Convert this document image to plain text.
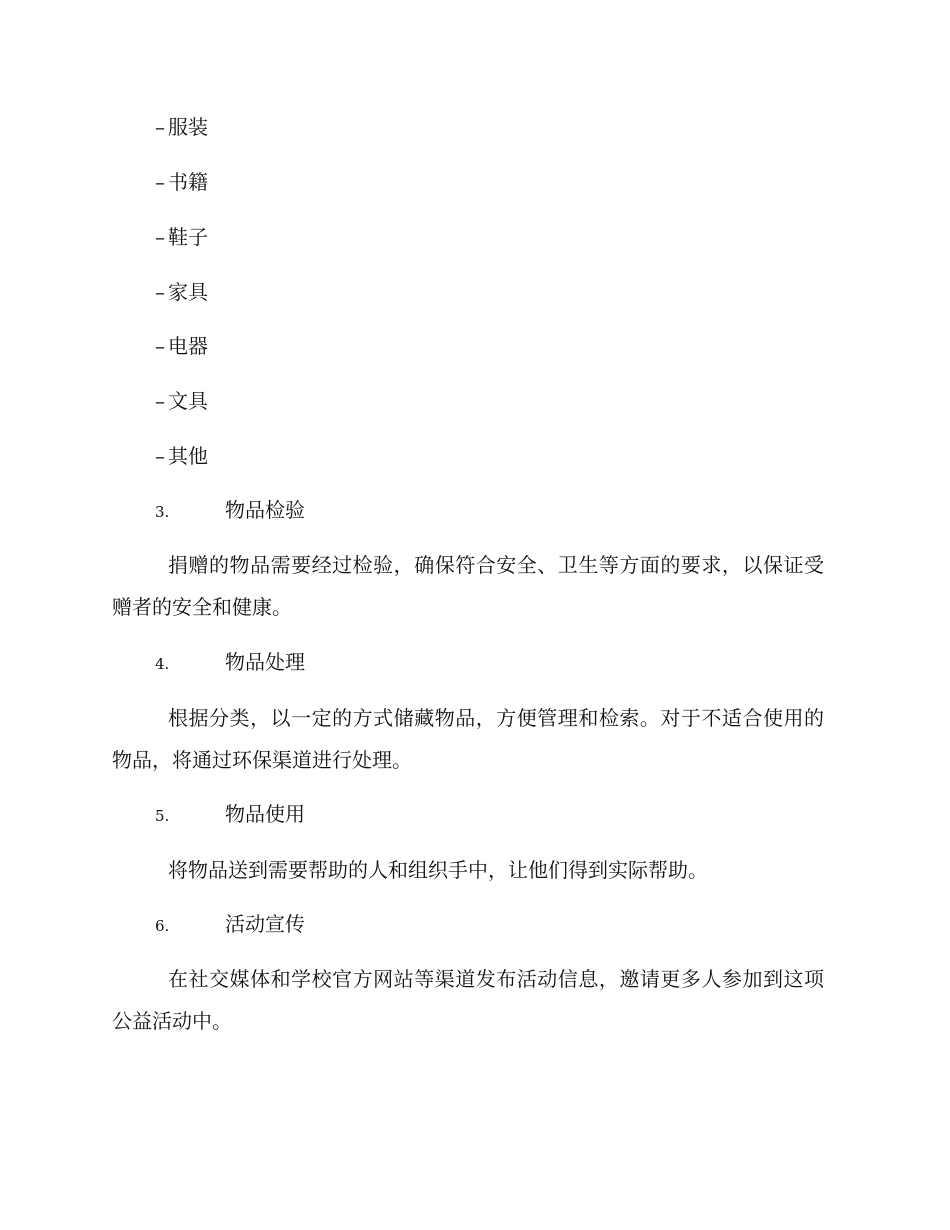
– 服装
– 书籍
– 鞋子
– 家具
– 电器
– 文具
– 其他
3.	物品检验
捐赠的物品需要经过检验，确保符合安全、卫生等方面的要求，以保证受赠者的安全和健康。
4.	物品处理
根据分类，以一定的方式储藏物品，方便管理和检索。对于不适合使用的物品，将通过环保渠道进行处理。
5.	物品使用
将物品送到需要帮助的人和组织手中，让他们得到实际帮助。
6.	活动宣传
在社交媒体和学校官方网站等渠道发布活动信息，邀请更多人参加到这项公益活动中。
